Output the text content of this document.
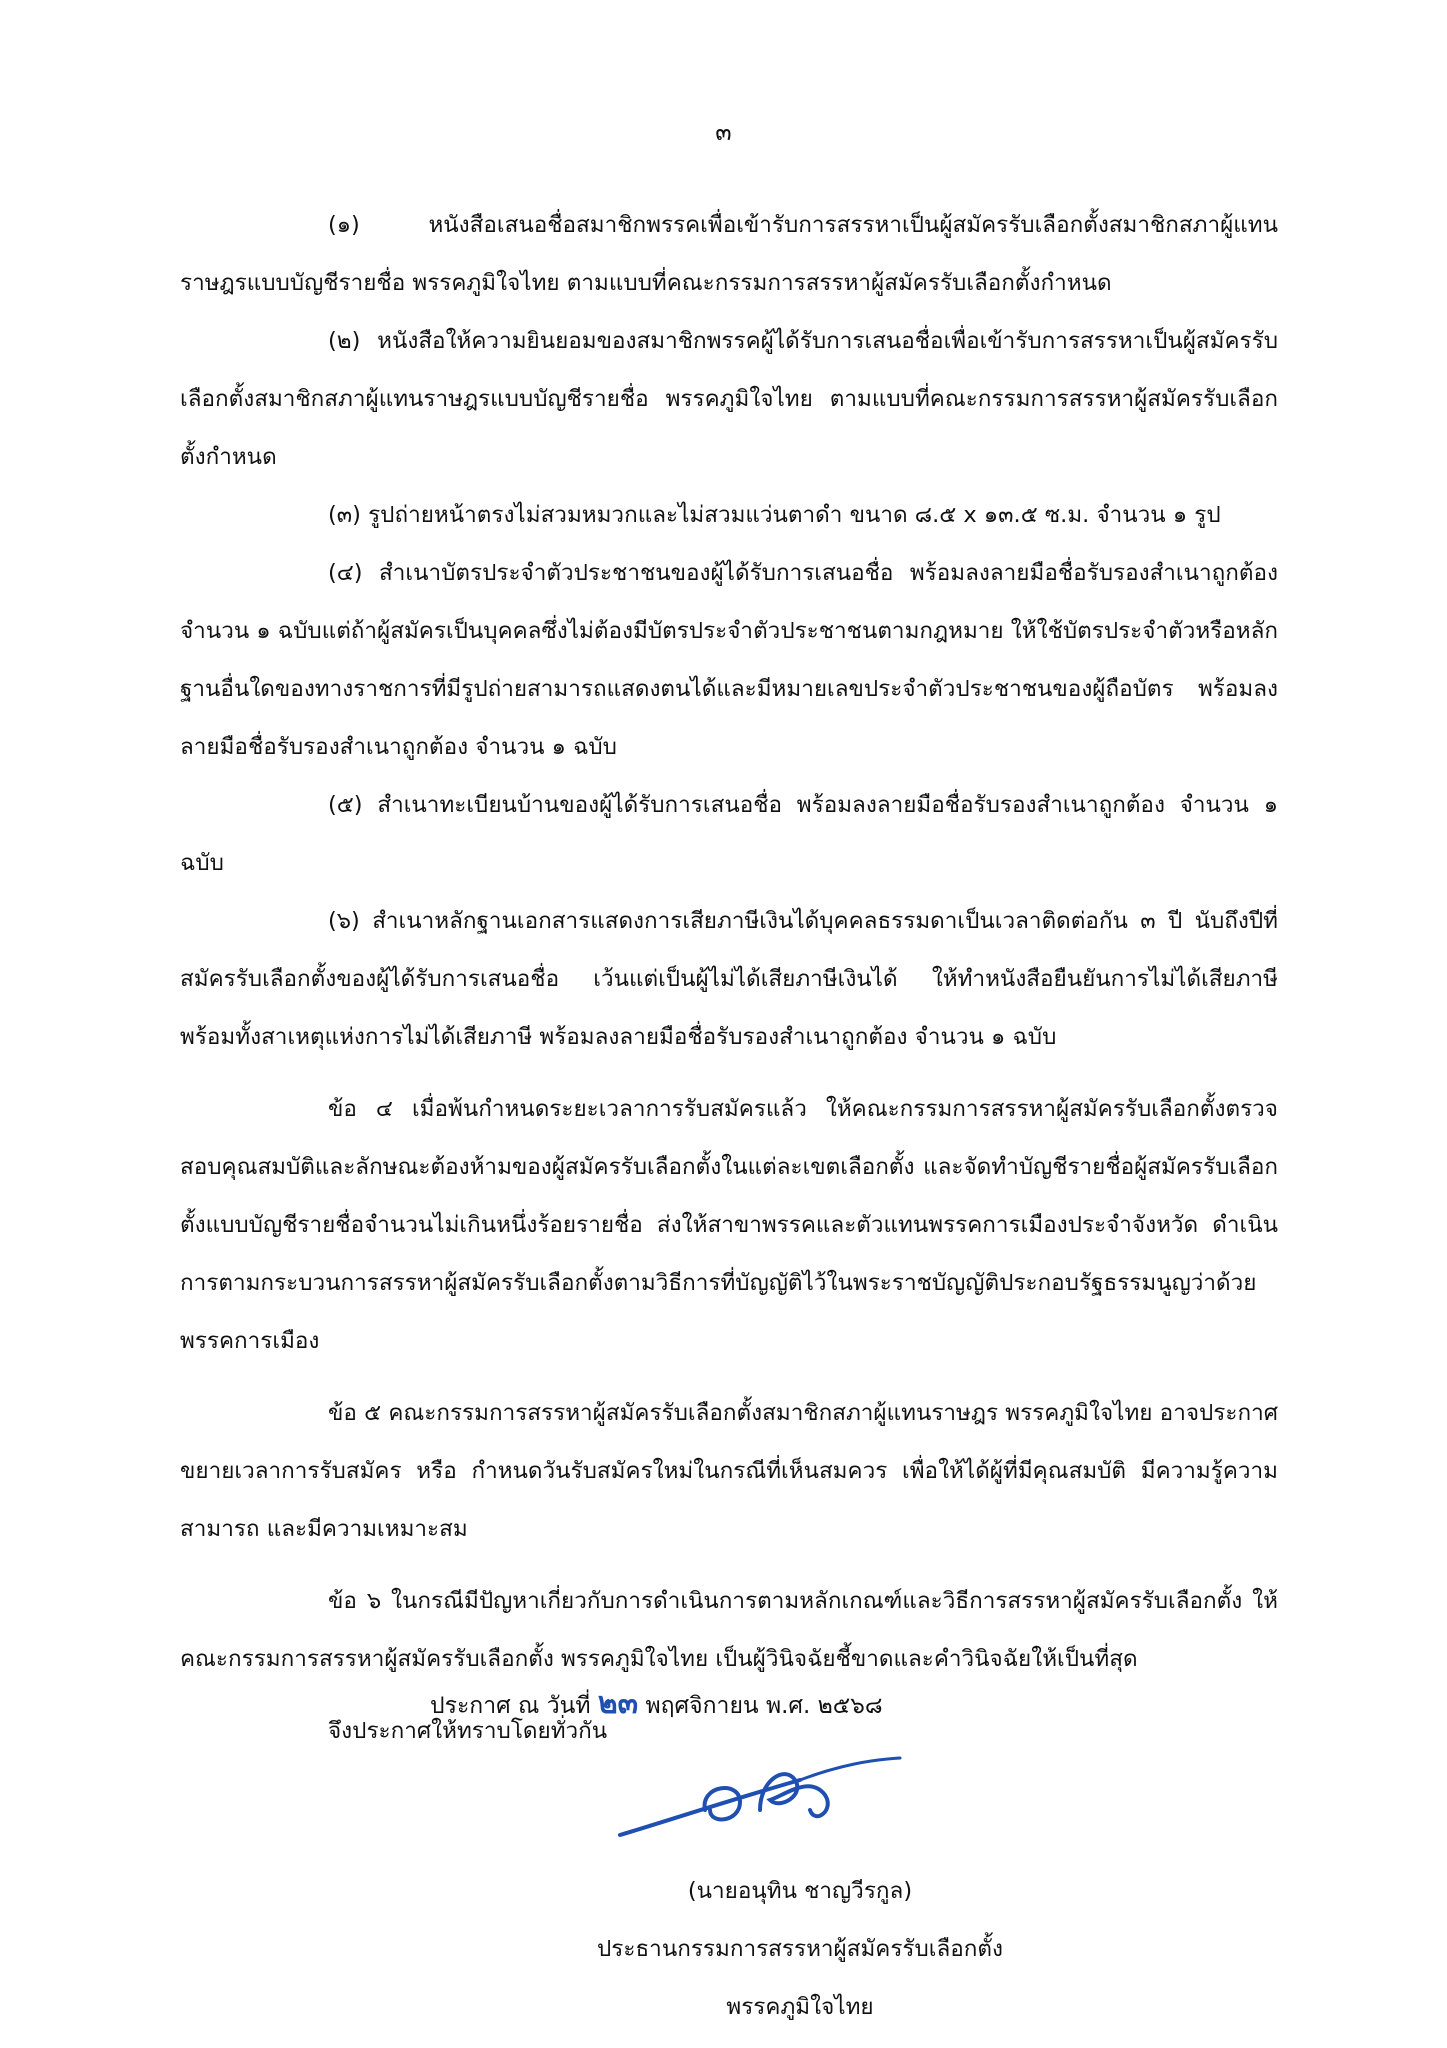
๓

(๑) หนังสือเสนอชื่อสมาชิกพรรคเพื่อเข้ารับการสรรหาเป็นผู้สมัครรับเลือกตั้งสมาชิกสภาผู้แทนราษฎรแบบบัญชีรายชื่อ พรรคภูมิใจไทย ตามแบบที่คณะกรรมการสรรหาผู้สมัครรับเลือกตั้งกำหนด

(๒) หนังสือให้ความยินยอมของสมาชิกพรรคผู้ได้รับการเสนอชื่อเพื่อเข้ารับการสรรหาเป็นผู้สมัครรับเลือกตั้งสมาชิกสภาผู้แทนราษฎรแบบบัญชีรายชื่อ พรรคภูมิใจไทย ตามแบบที่คณะกรรมการสรรหาผู้สมัครรับเลือกตั้งกำหนด

(๓) รูปถ่ายหน้าตรงไม่สวมหมวกและไม่สวมแว่นตาดำ ขนาด ๘.๕ x ๑๓.๕ ซ.ม. จำนวน ๑ รูป

(๔) สำเนาบัตรประจำตัวประชาชนของผู้ได้รับการเสนอชื่อ พร้อมลงลายมือชื่อรับรองสำเนาถูกต้อง จำนวน ๑ ฉบับแต่ถ้าผู้สมัครเป็นบุคคลซึ่งไม่ต้องมีบัตรประจำตัวประชาชนตามกฎหมาย ให้ใช้บัตรประจำตัวหรือหลักฐานอื่นใดของทางราชการที่มีรูปถ่ายสามารถแสดงตนได้และมีหมายเลขประจำตัวประชาชนของผู้ถือบัตร พร้อมลงลายมือชื่อรับรองสำเนาถูกต้อง จำนวน ๑ ฉบับ

(๕) สำเนาทะเบียนบ้านของผู้ได้รับการเสนอชื่อ พร้อมลงลายมือชื่อรับรองสำเนาถูกต้อง จำนวน ๑ ฉบับ

(๖) สำเนาหลักฐานเอกสารแสดงการเสียภาษีเงินได้บุคคลธรรมดาเป็นเวลาติดต่อกัน ๓ ปี นับถึงปีที่สมัครรับเลือกตั้งของผู้ได้รับการเสนอชื่อ เว้นแต่เป็นผู้ไม่ได้เสียภาษีเงินได้ ให้ทำหนังสือยืนยันการไม่ได้เสียภาษีพร้อมทั้งสาเหตุแห่งการไม่ได้เสียภาษี พร้อมลงลายมือชื่อรับรองสำเนาถูกต้อง จำนวน ๑ ฉบับ

ข้อ ๔ เมื่อพ้นกำหนดระยะเวลาการรับสมัครแล้ว ให้คณะกรรมการสรรหาผู้สมัครรับเลือกตั้งตรวจสอบคุณสมบัติและลักษณะต้องห้ามของผู้สมัครรับเลือกตั้งในแต่ละเขตเลือกตั้ง และจัดทำบัญชีรายชื่อผู้สมัครรับเลือกตั้งแบบบัญชีรายชื่อจำนวนไม่เกินหนึ่งร้อยรายชื่อ ส่งให้สาขาพรรคและตัวแทนพรรคการเมืองประจำจังหวัด ดำเนินการตามกระบวนการสรรหาผู้สมัครรับเลือกตั้งตามวิธีการที่บัญญัติไว้ในพระราชบัญญัติประกอบรัฐธรรมนูญว่าด้วยพรรคการเมือง

ข้อ ๕ คณะกรรมการสรรหาผู้สมัครรับเลือกตั้งสมาชิกสภาผู้แทนราษฎร พรรคภูมิใจไทย อาจประกาศขยายเวลาการรับสมัคร หรือ กำหนดวันรับสมัครใหม่ในกรณีที่เห็นสมควร เพื่อให้ได้ผู้ที่มีคุณสมบัติ มีความรู้ความสามารถ และมีความเหมาะสม

ข้อ ๖ ในกรณีมีปัญหาเกี่ยวกับการดำเนินการตามหลักเกณฑ์และวิธีการสรรหาผู้สมัครรับเลือกตั้ง ให้คณะกรรมการสรรหาผู้สมัครรับเลือกตั้ง พรรคภูมิใจไทย เป็นผู้วินิจฉัยชี้ขาดและคำวินิจฉัยให้เป็นที่สุด

จึงประกาศให้ทราบโดยทั่วกัน

ประกาศ ณ วันที่ ๒๓ พฤศจิกายน พ.ศ. ๒๕๖๘
(นายอนุทิน ชาญวีรกูล)
ประธานกรรมการสรรหาผู้สมัครรับเลือกตั้ง
พรรคภูมิใจไทย
